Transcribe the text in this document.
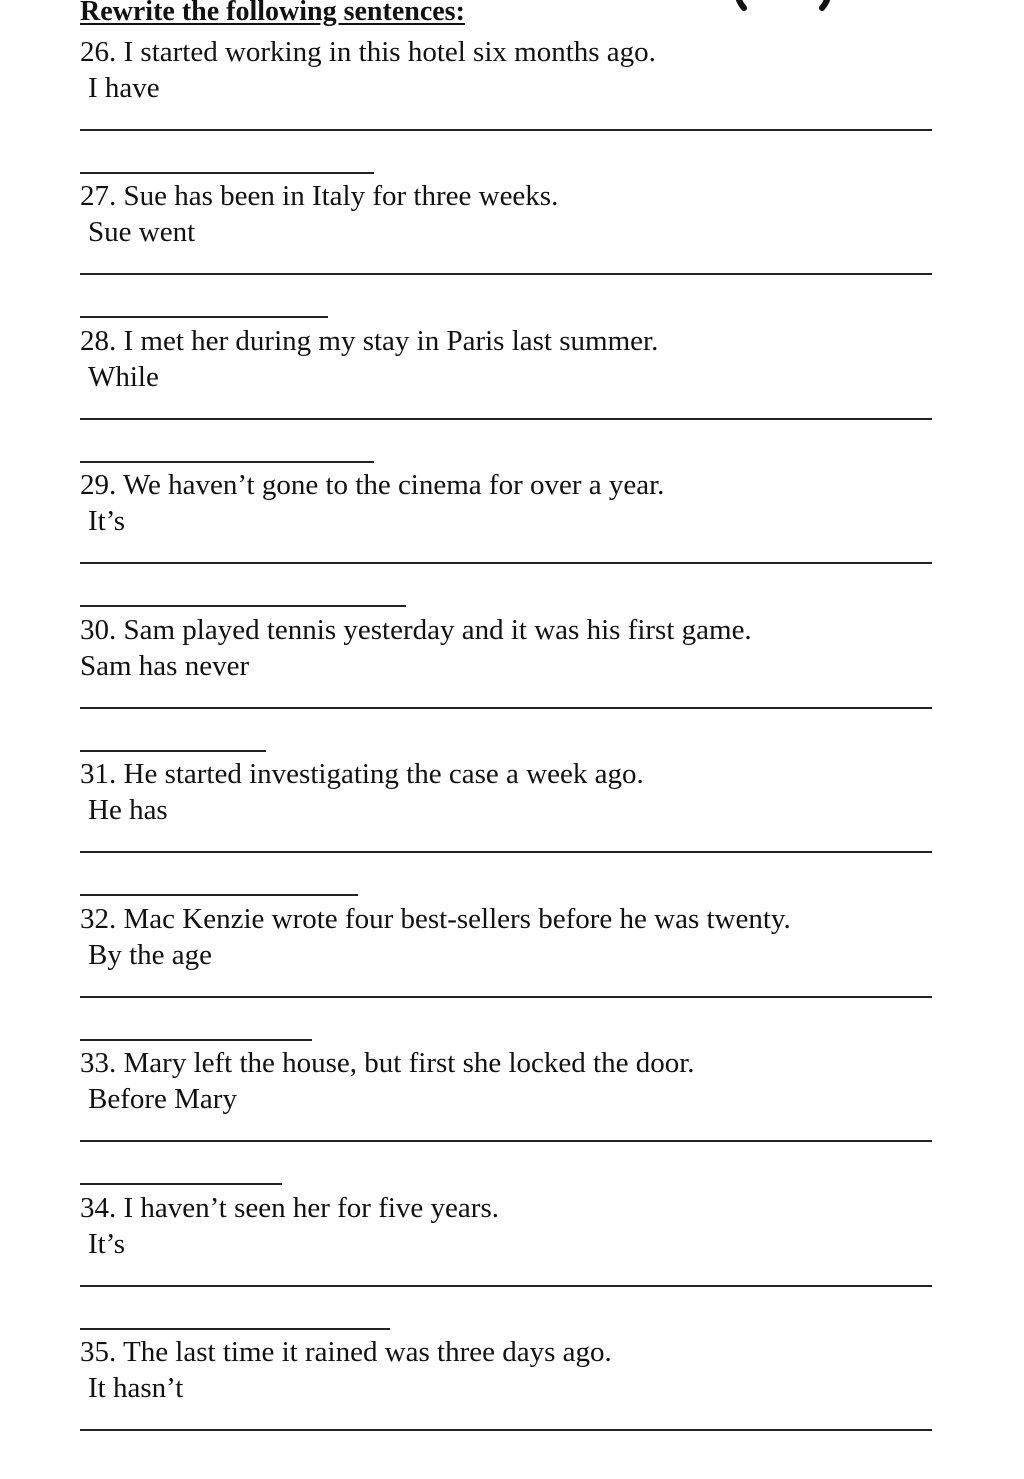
Rewrite the following sentences:
26. I started working in this hotel six months ago.
I have
27. Sue has been in Italy for three weeks.
Sue went
28. I met her during my stay in Paris last summer.
While
29. We haven’t gone to the cinema for over a year.
It’s
30. Sam played tennis yesterday and it was his first game.
Sam has never
31. He started investigating the case a week ago.
He has
32. Mac Kenzie wrote four best-sellers before he was twenty.
By the age
33. Mary left the house, but first she locked the door.
Before Mary
34. I haven’t seen her for five years.
It’s
35. The last time it rained was three days ago.
It hasn’t
